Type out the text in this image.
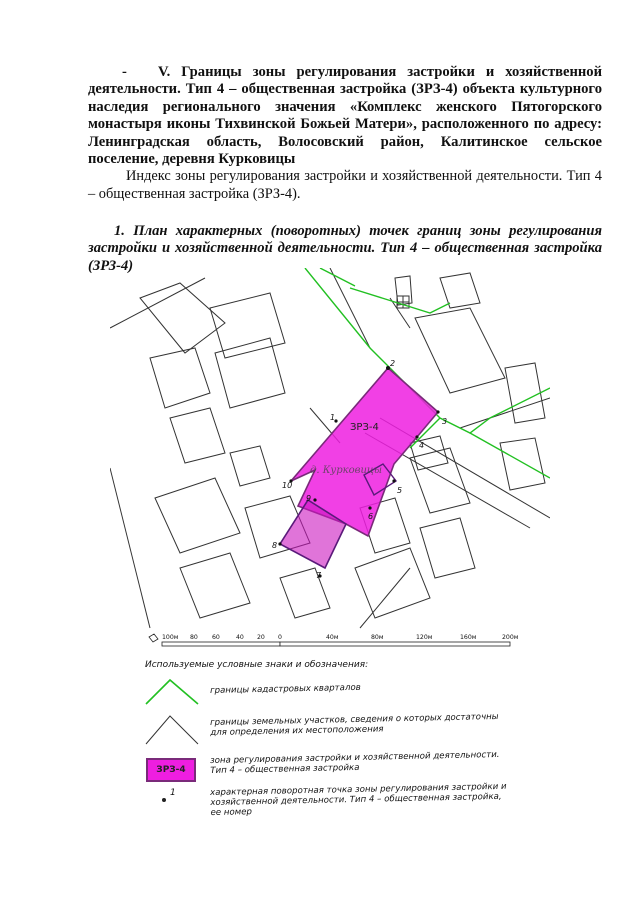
- V. Границы зоны регулирования застройки и хозяйственной деятельности. Тип 4 – общественная застройка (ЗРЗ-4) объекта культурного наследия регионального значения «Комплекс женского Пятогорского монастыря иконы Тихвинской Божьей Матери», расположенного по адресу: Ленинградская область, Волосовский район, Калитинское сельское поселение, деревня Курковицы

Индекс зоны регулирования застройки и хозяйственной деятельности. Тип 4 – общественная застройка (ЗРЗ-4).

1. План характерных (поворотных) точек границ зоны регулирования застройки и хозяйственной деятельности. Тип 4 – общественная застройка (ЗРЗ-4)

ЗРЗ-4
д. Курковицы
2
1	3
4
5
6
7
8
9
10
100м 80 60	40 20 0	40м	80м	120м	160м	200м

Используемые условные знаки и обозначения:

границы кадастровых кварталов
границы земельных участков, сведения о которых достаточны для определения их местоположения
ЗРЗ-4
зона регулирования застройки и хозяйственной деятельности. Тип 4 – общественная застройка
1	характерная поворотная точка зоны регулирования застройки и хозяйственной деятельности. Тип 4 – общественная застройка, ее номер
